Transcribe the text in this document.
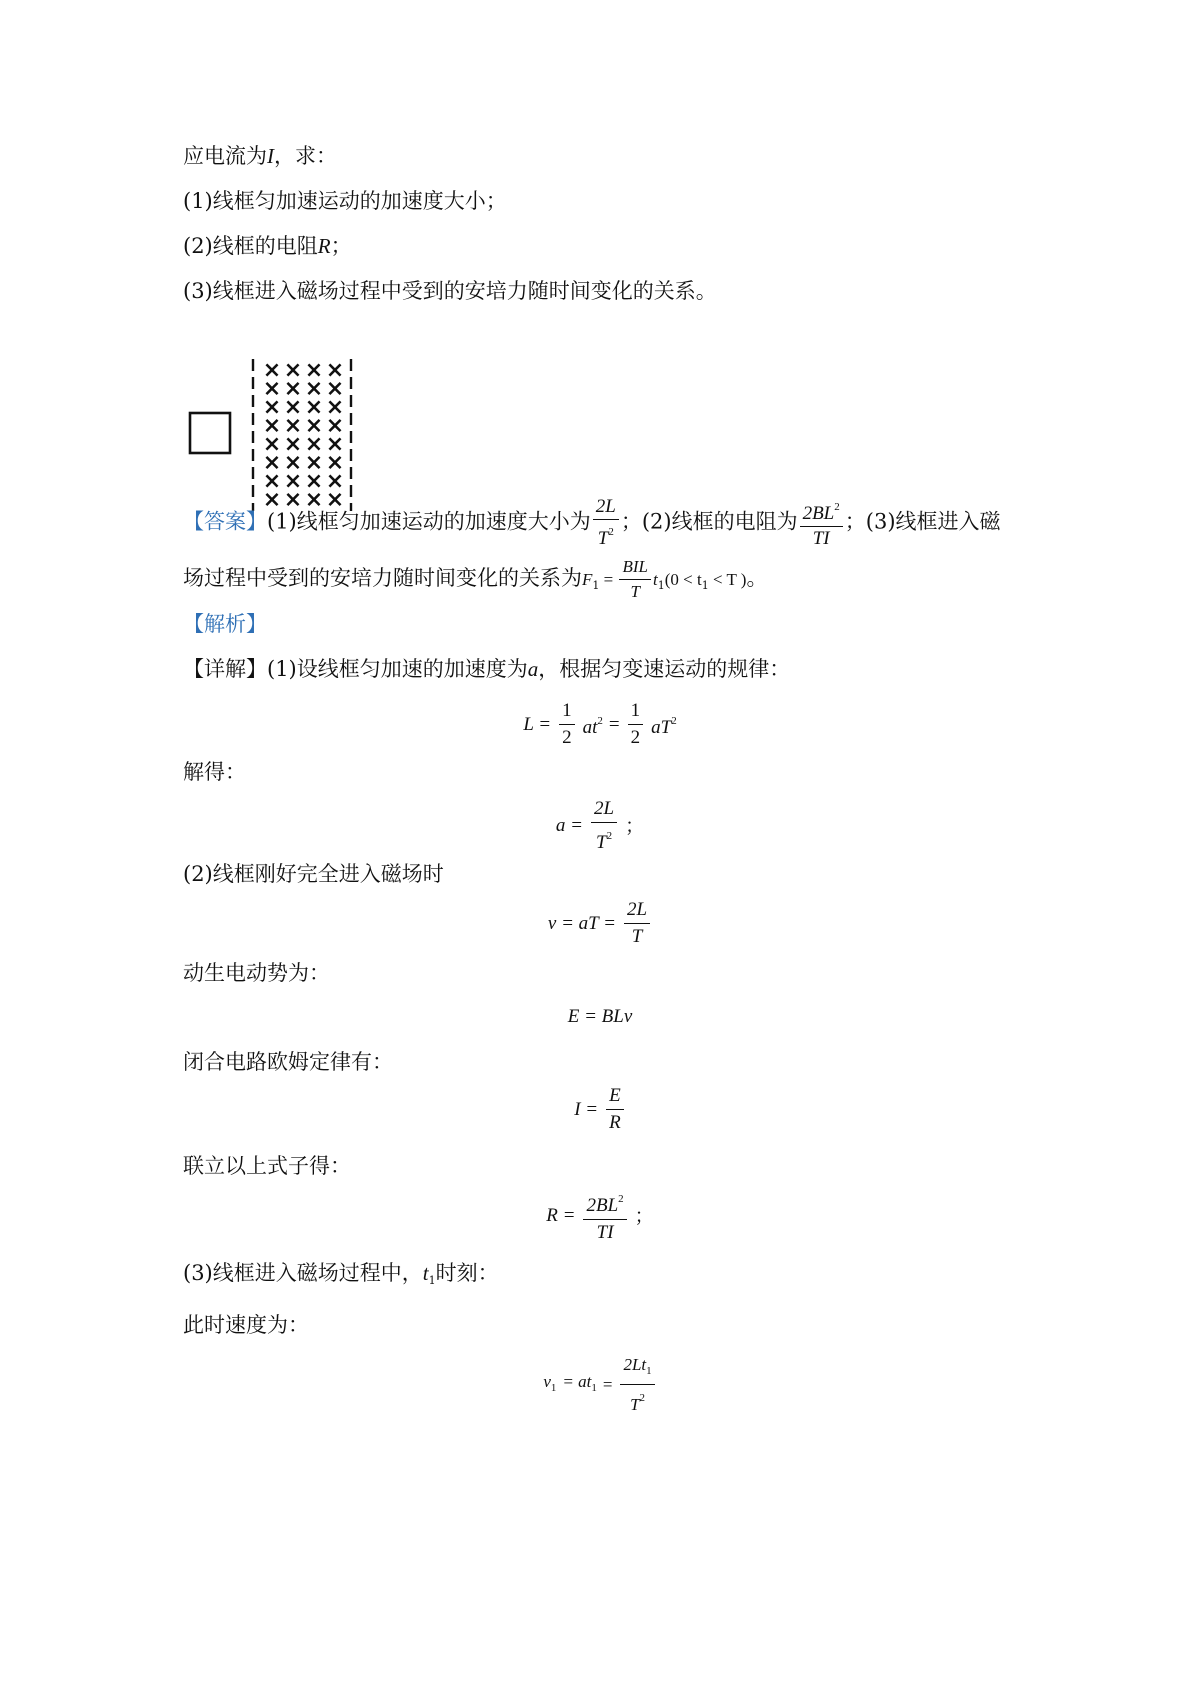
应电流为I，求：
(1)线框匀加速运动的加速度大小；
(2)线框的电阻R；
(3)线框进入磁场过程中受到的安培力随时间变化的关系。
× × × ×
× × × ×
× × × ×
× × × ×
× × × ×
× × × ×
× × × ×
× × × ×
【答案】(1)线框匀加速运动的加速度大小为 $\frac{2L}{T^2}$ ；(2)线框的电阻为 $\frac{2BL^2}{TI}$ ；(3)线框进入磁
场过程中受到的安培力随时间变化的关系为$F_1 = \frac{\text{BIL}}{T} t_1(0 < t_1 < T$ )。
【解析】
【详解】(1)设线框匀加速的加速度为a，根据匀变速运动的规律：
$L = \frac{1}{2} at^2 = \frac{1}{2} aT^2$
解得：
$a = \frac{2L}{T^2}$ ；
(2)线框刚好完全进入磁场时
v = aT = $\frac{2L}{T}$
动生电动势为：
E = BLv
闭合电路欧姆定律有：
$I = \frac{E}{R}$
联立以上式子得：
$R = \frac{2BL^2}{TI}$ ；
(3)线框进入磁场过程中，$t_1$时刻：
此时速度为：
$v_1 = at_1 = \frac{2Lt_1}{T^2}$
